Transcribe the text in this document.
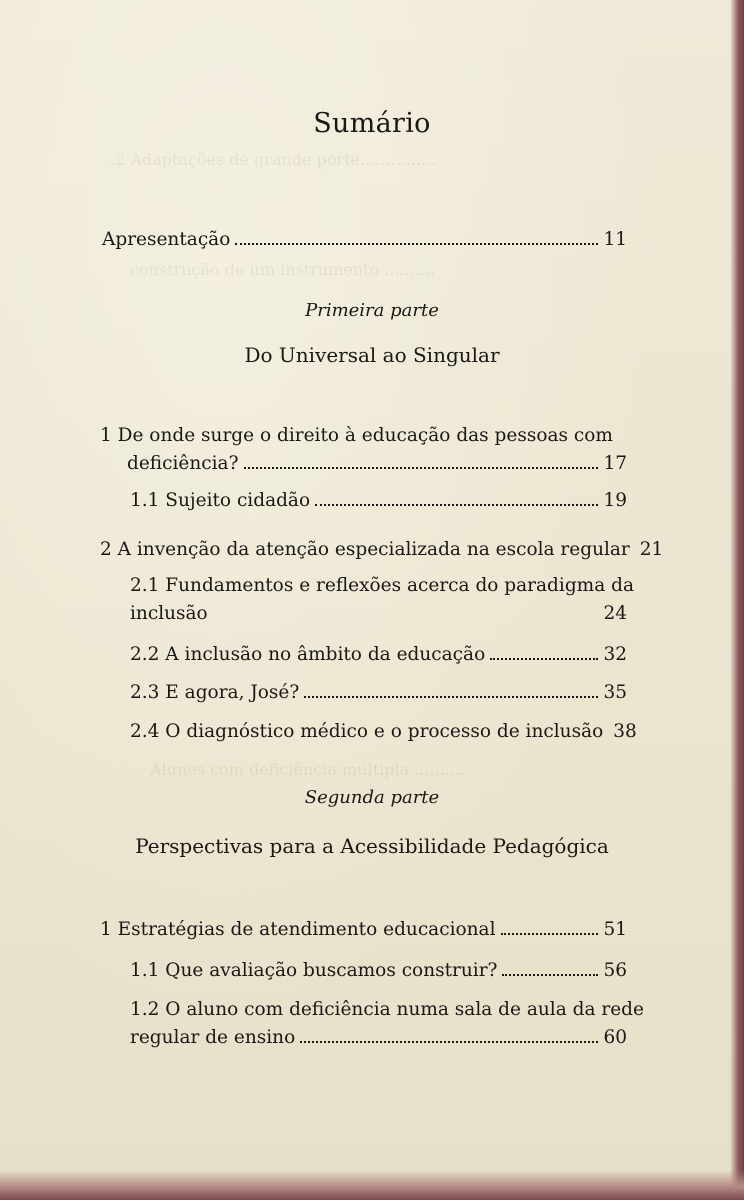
.2 Adaptações de grande porte...............
construção de um instrumento ..........
Alunos com deficiência múltipla ..........
Sumário
Apresentação	11
Primeira parte
Do Universal ao Singular
1 De onde surge o direito à educação das pessoas com
deficiência?	17
1.1 Sujeito cidadão	19
2 A invenção da atenção especializada na escola regular 21
2.1 Fundamentos e reflexões acerca do paradigma da
inclusão	24
2.2 A inclusão no âmbito da educação	32
2.3 E agora, José?	35
2.4 O diagnóstico médico e o processo de inclusão 38
Segunda parte
Perspectivas para a Acessibilidade Pedagógica
1 Estratégias de atendimento educacional	51
1.1 Que avaliação buscamos construir?	56
1.2 O aluno com deficiência numa sala de aula da rede
regular de ensino	60
